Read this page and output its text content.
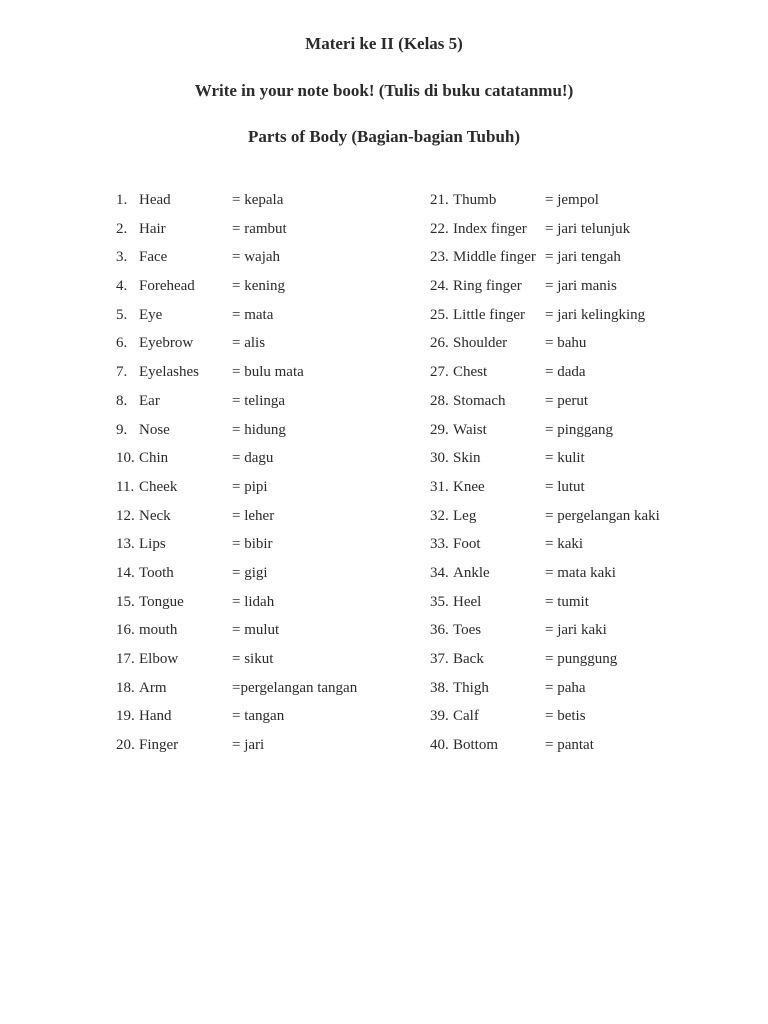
Materi ke II (Kelas 5)
Write in your note book! (Tulis di buku catatanmu!)
Parts of Body (Bagian-bagian Tubuh)
1. Head	= kepala
2. Hair	= rambut
3. Face	= wajah
4. Forehead = kening
5. Eye	= mata
6. Eyebrow	= alis
7. Eyelashes = bulu mata
8. Ear	= telinga
9. Nose	= hidung
10. Chin	= dagu
11. Cheek	= pipi
12. Neck	= leher
13. Lips	= bibir
14. Tooth	= gigi
15. Tongue	= lidah
16. mouth	= mulut
17. Elbow	= sikut
18. Arm	=pergelangan tangan
19. Hand	= tangan
20. Finger	= jari
21. Thumb	= jempol
22. Index finger = jari telunjuk
23. Middle finger = jari tengah
24. Ring finger = jari manis
25. Little finger = jari kelingking
26. Shoulder	= bahu
27. Chest	= dada
28. Stomach	= perut
29. Waist	= pinggang
30. Skin	= kulit
31. Knee	= lutut
32. Leg	= pergelangan kaki
33. Foot	= kaki
34. Ankle	= mata kaki
35. Heel	= tumit
36. Toes	= jari kaki
37. Back	= punggung
38. Thigh	= paha
39. Calf	= betis
40. Bottom	= pantat
